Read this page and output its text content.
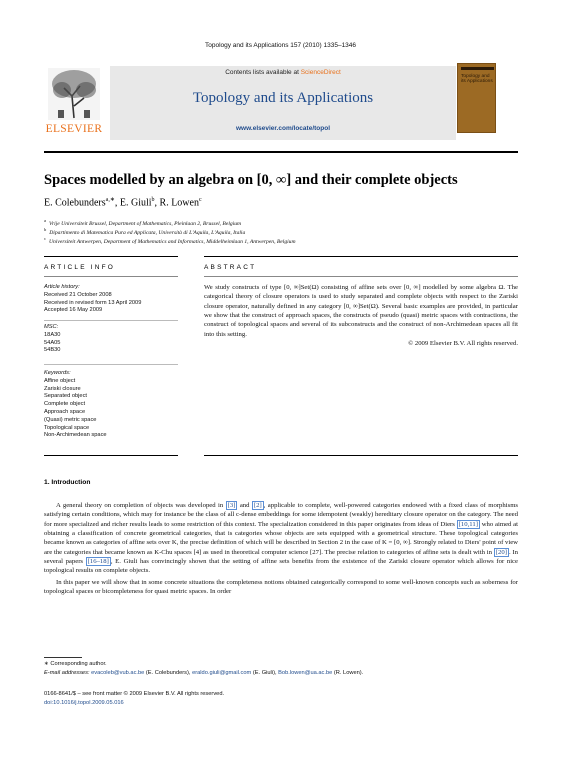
Topology and its Applications 157 (2010) 1335–1346
ELSEVIER
Contents lists available at ScienceDirect
Topology and its Applications
www.elsevier.com/locate/topol
Topology and its Applications
Spaces modelled by an algebra on [0, ∞] and their complete objects
E. Colebunders$^{a,∗}$, E. Giuli$^b$, R. Lowen$^c$
$^a$Vrije Universiteit Brussel, Department of Mathematics, Pleinlaan 2, Brussel, Belgium
$^b$Dipartimento di Matematica Pura ed Applicata, Università di L'Aquila, L'Aquila, Italia
$^c$Universiteit Antwerpen, Department of Mathematics and Informatics, Middelheimlaan 1, Antwerpen, Belgium
ARTICLE INFO	ABSTRACT
Article history:
Received 21 October 2008
Received in revised form 13 April 2009
Accepted 16 May 2009
MSC:
18A30
54A05
54B30
Keywords:
Affine object
Zariski closure
Separated object
Complete object
Approach space
(Quasi) metric space
Topological space
Non-Archimedean space
We study constructs of type [0, ∞]Set(Ω) consisting of affine sets over [0, ∞] modelled by some algebra Ω. The categorical theory of closure operators is used to study separated and complete objects with respect to the Zariski closure operator, naturally defined in any category [0, ∞]Set(Ω). Several basic examples are provided, in particular we show that the construct of approach spaces, the constructs of pseudo (quasi) metric spaces with contractions, the construct of topological spaces and several of its subconstructs and the construct of non-Archimedean spaces all fit into this setting.
© 2009 Elsevier B.V. All rights reserved.
1. Introduction

A general theory on completion of objects was developed in [3] and [2] , applicable to complete, well-powered categories endowed with a fixed class of morphisms satisfying certain conditions, which may for instance be the class of all c-dense embeddings for some idempotent (weakly) hereditary closure operator on the category. The need for more specialized and richer results leads to some restriction of this context. The specialization considered in this paper originates from ideas of Diers [10,11] who aimed at obtaining a classification of concrete geometrical categories, that is categories whose objects are sets equipped with a geometrical structure. These topological categories became known as categories of affine sets over K, the precise definition of which will be described in Section 2 in the case of K = [0, ∞]. Strongly related to Diers' point of view are the categories that became known as K-Chu spaces [4] as used in theoretical computer science [27]. The precise relation to categories of affine sets is dealt with in [20] . In several papers [16–18] , E. Giuli has convincingly shown that the setting of affine sets benefits from the existence of the Zariski closure operator which allows for nice topological results on complete objects.

In this paper we will show that in some concrete situations the completeness notions obtained categorically correspond to some well-known concepts such as soberness for topological spaces or bicompleteness for quasi metric spaces. In order

∗ Corresponding author.
E-mail addresses: evacoleb@vub.ac.be (E. Colebunders), eraldo.giuli@gmail.com (E. Giuli), Bob.lowen@ua.ac.be (R. Lowen).
0166-8641/$ – see front matter © 2009 Elsevier B.V. All rights reserved.
doi:10.1016/j.topol.2009.05.016
